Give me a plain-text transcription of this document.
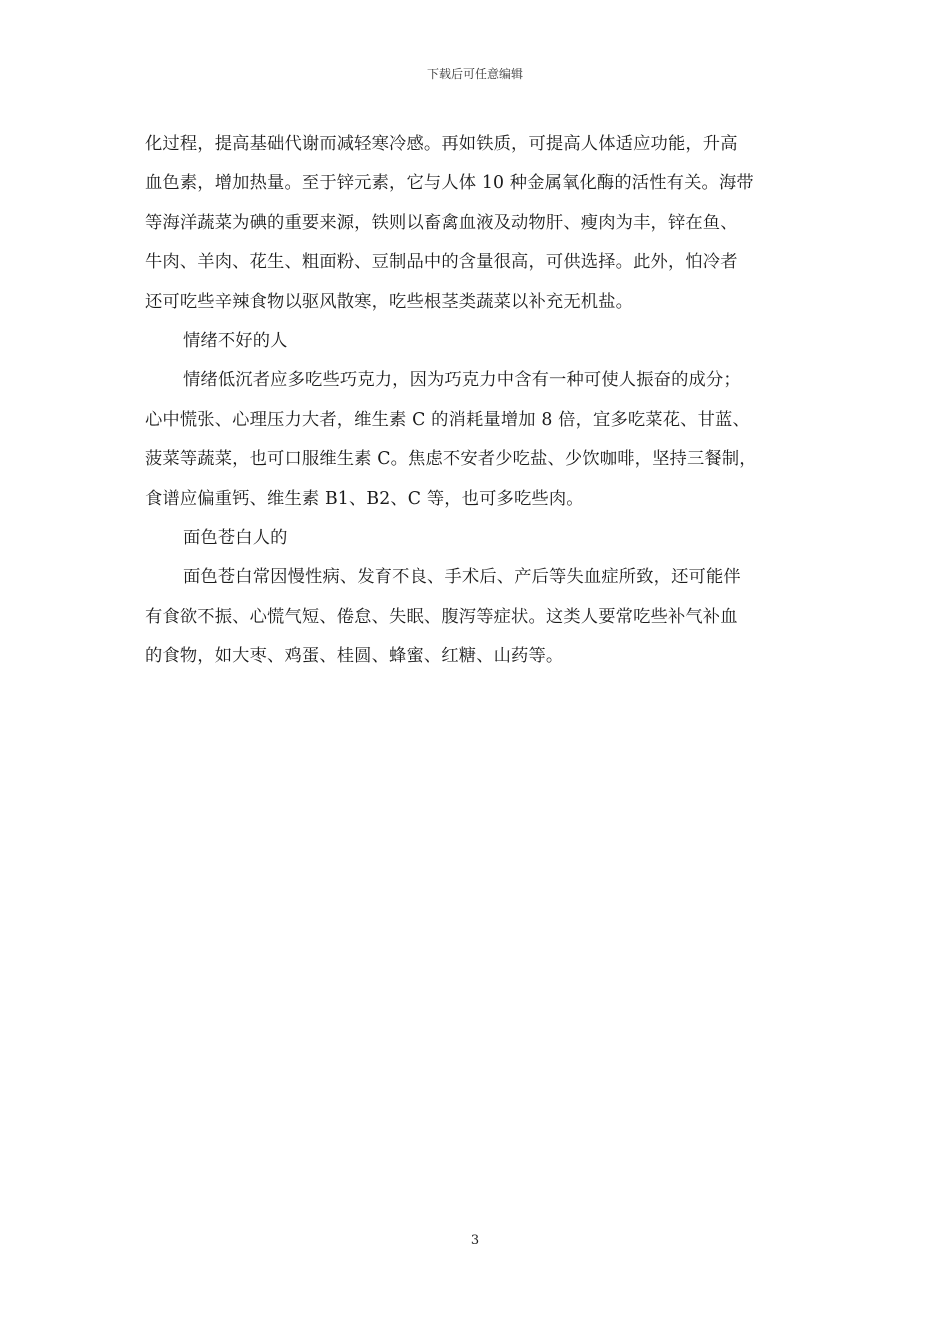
下载后可任意编辑
化过程，提高基础代谢而减轻寒冷感。再如铁质，可提高人体适应功能，升高
血色素，增加热量。至于锌元素，它与人体 10 种金属氧化酶的活性有关。海带
等海洋蔬菜为碘的重要来源，铁则以畜禽血液及动物肝、瘦肉为丰，锌在鱼、
牛肉、羊肉、花生、粗面粉、豆制品中的含量很高，可供选择。此外，怕冷者
还可吃些辛辣食物以驱风散寒，吃些根茎类蔬菜以补充无机盐。
情绪不好的人
情绪低沉者应多吃些巧克力，因为巧克力中含有一种可使人振奋的成分；
心中慌张、心理压力大者，维生素 C 的消耗量增加 8 倍，宜多吃菜花、甘蓝、
菠菜等蔬菜，也可口服维生素 C。焦虑不安者少吃盐、少饮咖啡，坚持三餐制，
食谱应偏重钙、维生素 B1、B2、C 等，也可多吃些肉。
面色苍白人的
面色苍白常因慢性病、发育不良、手术后、产后等失血症所致，还可能伴
有食欲不振、心慌气短、倦怠、失眠、腹泻等症状。这类人要常吃些补气补血
的食物，如大枣、鸡蛋、桂圆、蜂蜜、红糖、山药等。
3
